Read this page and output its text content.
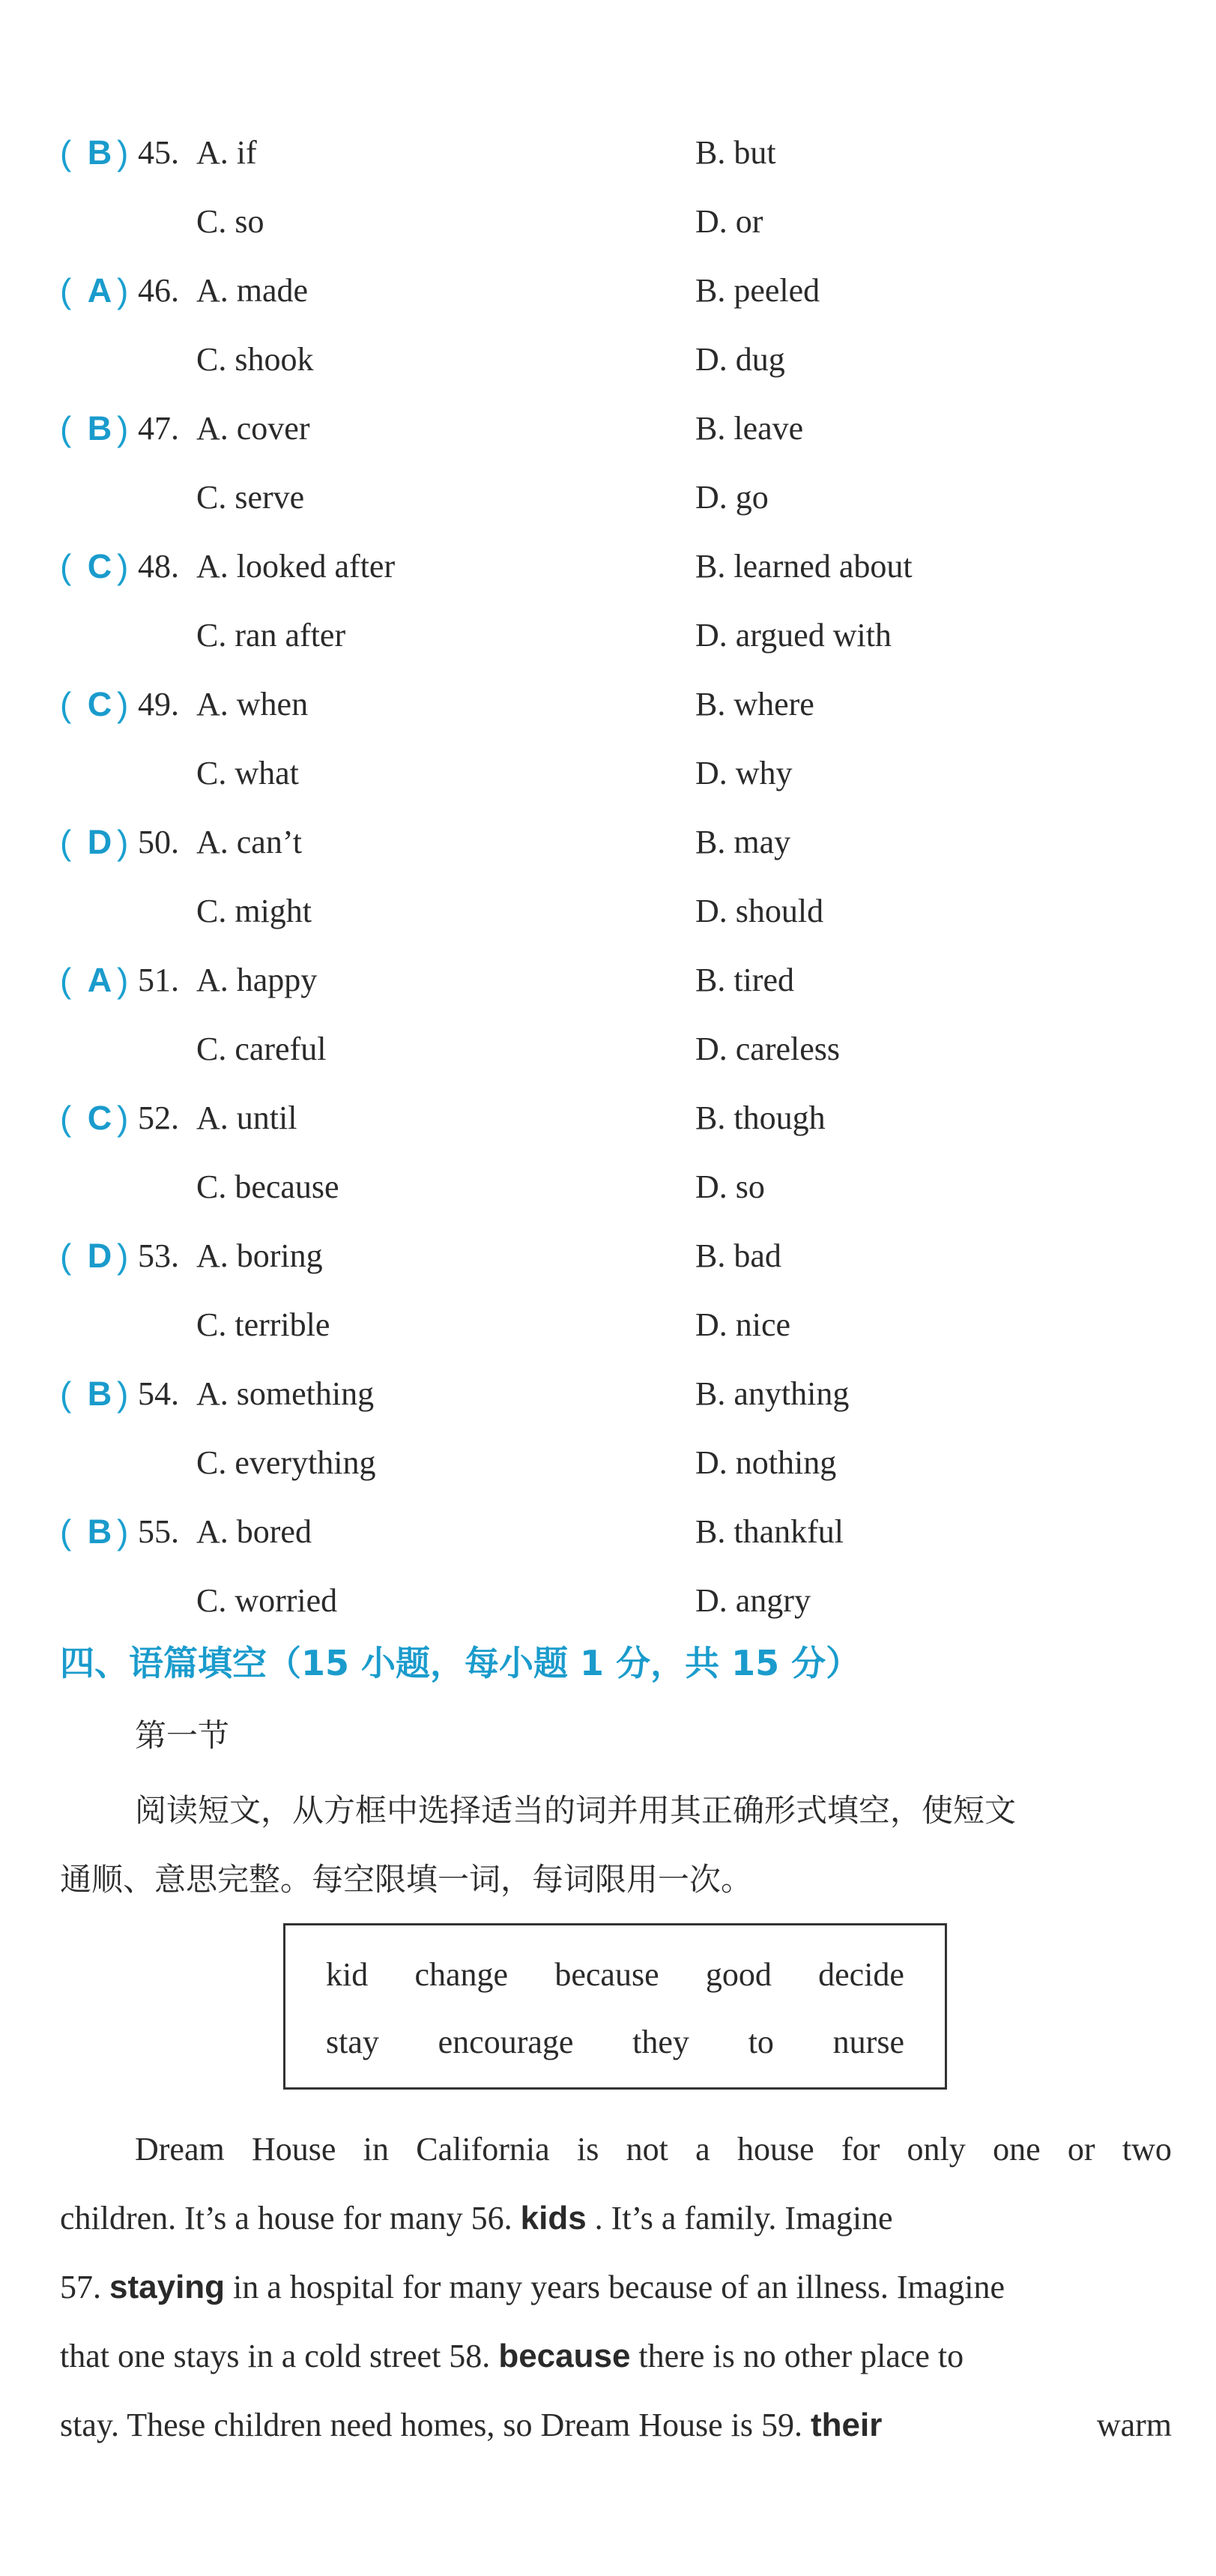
( B ) 45. A. if	B. but
C. so	D. or
( A ) 46. A. made	B. peeled
C. shook	D. dug
( B ) 47. A. cover	B. leave
C. serve	D. go
( C ) 48. A. looked after	B. learned about
C. ran after	D. argued with
( C ) 49. A. when	B. where
C. what	D. why
( D ) 50. A. can’t	B. may
C. might	D. should
( A ) 51. A. happy	B. tired
C. careful	D. careless
( C ) 52. A. until	B. though
C. because	D. so
( D ) 53. A. boring	B. bad
C. terrible	D. nice
( B ) 54. A. something	B. anything
C. everything	D. nothing
( B ) 55. A. bored	B. thankful
C. worried	D. angry
四、语篇填空（15 小题，每小题 1 分，共 15 分）
第一节
阅读短文，从方框中选择适当的词并用其正确形式填空，使短文
通顺、意思完整。每空限填一词，每词限用一次。
kid change because good decide
stay encourage they to nurse
Dream House in California is not a house for only one or two
children. It’s a house for many 56. kids . It’s a family. Imagine
57. staying in a hospital for many years because of an illness. Imagine
that one stays in a cold street 58. because there is no other place to
stay. These children need homes, so Dream House is 59. their	warm
